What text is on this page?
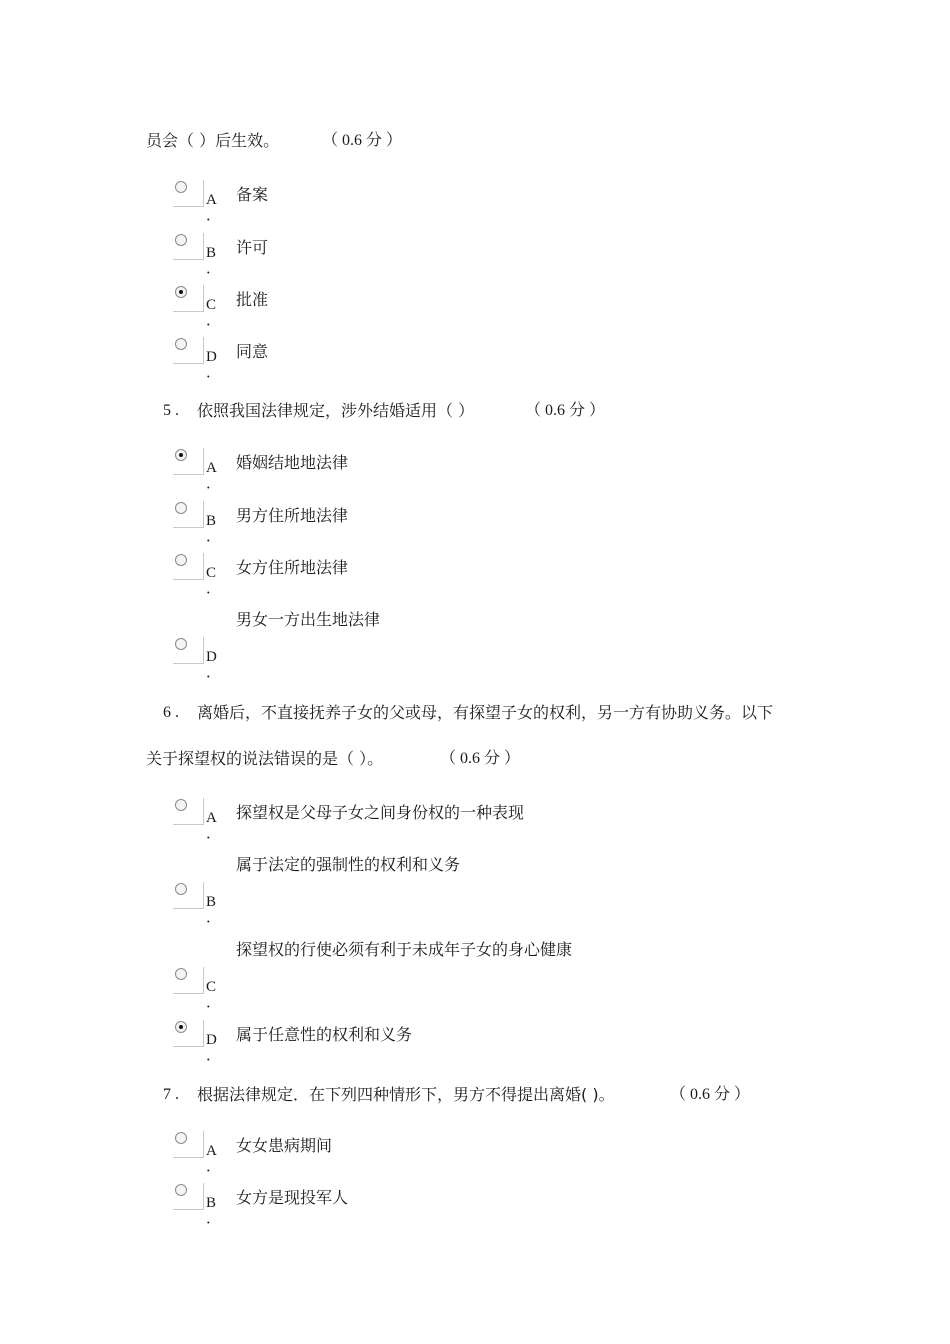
员会（ ）后生效。	（ 0.6 分 ）
A ．
备案
B ．
许可
C ．
批准
D ．
同意
5 . 依照我国法律规定，涉外结婚适用（ ）	（ 0.6 分 ）
A ．
婚姻结地地法律
B ．
男方住所地法律
C ．
女方住所地法律
男女一方出生地法律
D ．
6 . 离婚后，不直接抚养子女的父或母，有探望子女的权利，另一方有协助义务。以下
关于探望权的说法错误的是（ ）。	（ 0.6 分 ）
A ．
探望权是父母子女之间身份权的一种表现
属于法定的强制性的权利和义务
B ．
探望权的行使必须有利于未成年子女的身心健康
C ．
D ．
属于任意性的权利和义务
7 . 根据法律规定．在下列四种情形下，男方不得提出离婚( )。	（ 0.6 分 ）
A ．
女女患病期间
B ．
女方是现投军人
